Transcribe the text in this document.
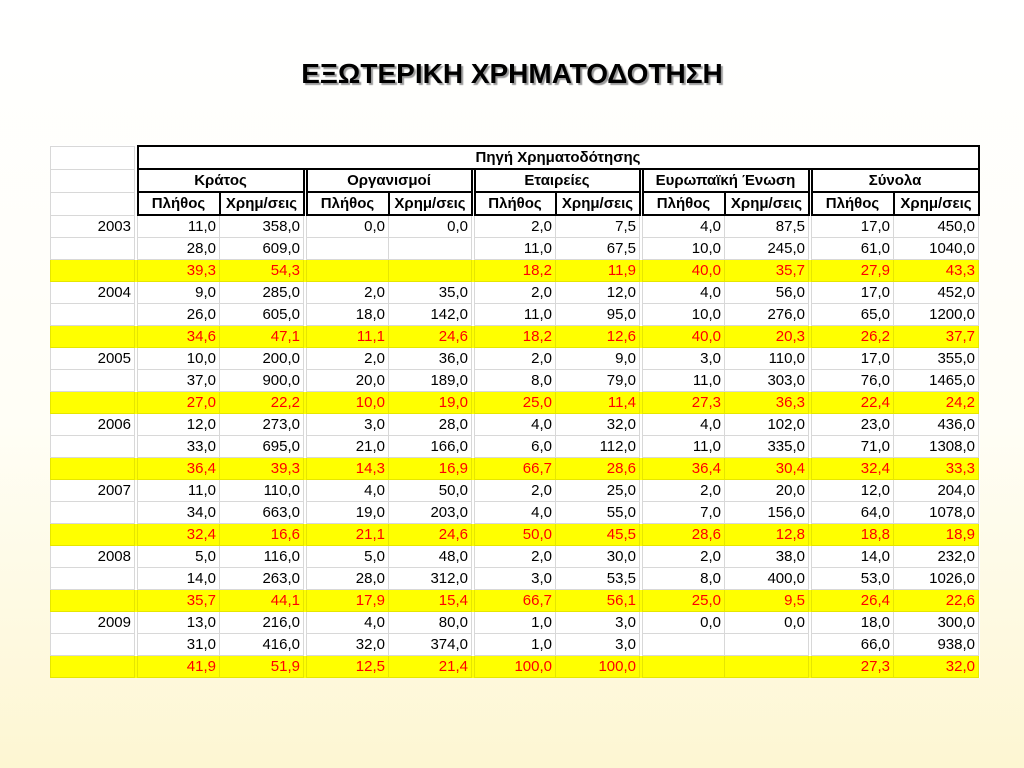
ΕΞΩΤΕΡΙΚΗ ΧΡΗΜΑΤΟΔΟΤΗΣΗ
		Πηγή Χρηματοδότησης													
		Κράτος			Οργανισμοί			Εταιρείες			Ευρωπαϊκή Ένωση			Σύνολα	
		Πλήθος	Χρημ/σεις		Πλήθος	Χρημ/σεις		Πλήθος	Χρημ/σεις		Πλήθος	Χρημ/σεις		Πλήθος	Χρημ/σεις
2003		11,0	358,0		0,0	0,0		2,0	7,5		4,0	87,5		17,0	450,0
		28,0	609,0					11,0	67,5		10,0	245,0		61,0	1040,0
		39,3	54,3					18,2	11,9		40,0	35,7		27,9	43,3
2004		9,0	285,0		2,0	35,0		2,0	12,0		4,0	56,0		17,0	452,0
		26,0	605,0		18,0	142,0		11,0	95,0		10,0	276,0		65,0	1200,0
		34,6	47,1		11,1	24,6		18,2	12,6		40,0	20,3		26,2	37,7
2005		10,0	200,0		2,0	36,0		2,0	9,0		3,0	110,0		17,0	355,0
		37,0	900,0		20,0	189,0		8,0	79,0		11,0	303,0		76,0	1465,0
		27,0	22,2		10,0	19,0		25,0	11,4		27,3	36,3		22,4	24,2
2006		12,0	273,0		3,0	28,0		4,0	32,0		4,0	102,0		23,0	436,0
		33,0	695,0		21,0	166,0		6,0	112,0		11,0	335,0		71,0	1308,0
		36,4	39,3		14,3	16,9		66,7	28,6		36,4	30,4		32,4	33,3
2007		11,0	110,0		4,0	50,0		2,0	25,0		2,0	20,0		12,0	204,0
		34,0	663,0		19,0	203,0		4,0	55,0		7,0	156,0		64,0	1078,0
		32,4	16,6		21,1	24,6		50,0	45,5		28,6	12,8		18,8	18,9
2008		5,0	116,0		5,0	48,0		2,0	30,0		2,0	38,0		14,0	232,0
		14,0	263,0		28,0	312,0		3,0	53,5		8,0	400,0		53,0	1026,0
		35,7	44,1		17,9	15,4		66,7	56,1		25,0	9,5		26,4	22,6
2009		13,0	216,0		4,0	80,0		1,0	3,0		0,0	0,0		18,0	300,0
		31,0	416,0		32,0	374,0		1,0	3,0					66,0	938,0
		41,9	51,9		12,5	21,4		100,0	100,0					27,3	32,0
